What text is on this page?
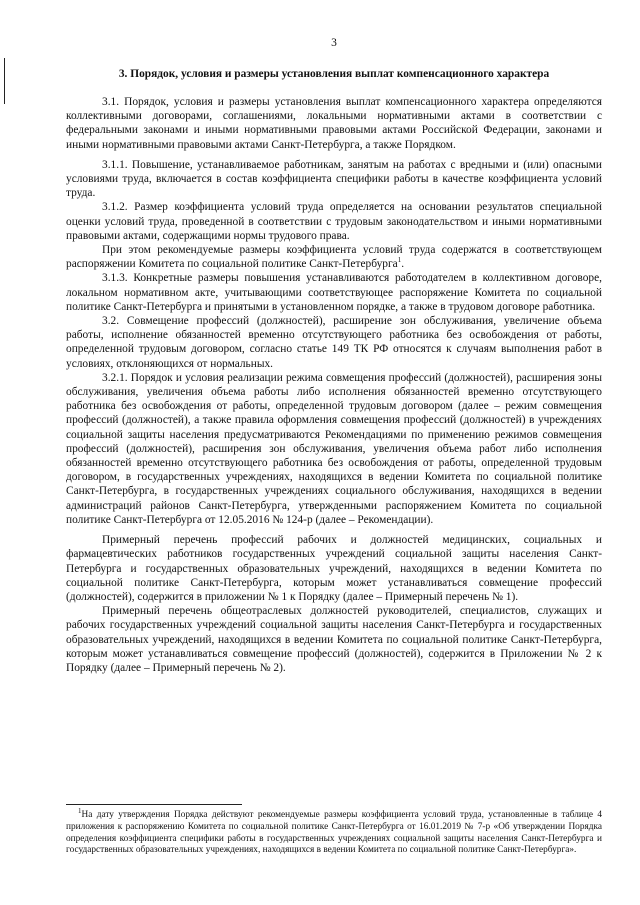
3
3. Порядок, условия и размеры установления выплат компенсационного характера

3.1. Порядок, условия и размеры установления выплат компенсационного характера определяются коллективными договорами, соглашениями, локальными нормативными актами в соответствии с федеральными законами и иными нормативными правовыми актами Российской Федерации, законами и иными нормативными правовыми актами Санкт-Петербурга, а также Порядком.

3.1.1. Повышение, устанавливаемое работникам, занятым на работах с вредными и (или) опасными условиями труда, включается в состав коэффициента специфики работы в качестве коэффициента условий труда.

3.1.2. Размер коэффициента условий труда определяется на основании результатов специальной оценки условий труда, проведенной в соответствии с трудовым законодательством и иными нормативными правовыми актами, содержащими нормы трудового права.

При этом рекомендуемые размеры коэффициента условий труда содержатся в соответствующем распоряжении Комитета по социальной политике Санкт-Петербурга$^1$.

3.1.3. Конкретные размеры повышения устанавливаются работодателем в коллективном договоре, локальном нормативном акте, учитывающими соответствующее распоряжение Комитета по социальной политике Санкт-Петербурга и принятыми в установленном порядке, а также в трудовом договоре работника.

3.2. Совмещение профессий (должностей), расширение зон обслуживания, увеличение объема работы, исполнение обязанностей временно отсутствующего работника без освобождения от работы, определенной трудовым договором, согласно статье 149 ТК РФ относятся к случаям выполнения работ в условиях, отклоняющихся от нормальных.

3.2.1. Порядок и условия реализации режима совмещения профессий (должностей), расширения зоны обслуживания, увеличения объема работы либо исполнения обязанностей временно отсутствующего работника без освобождения от работы, определенной трудовым договором (далее – режим совмещения профессий (должностей), а также правила оформления совмещения профессий (должностей) в учреждениях социальной защиты населения предусматриваются Рекомендациями по применению режимов совмещения профессий (должностей), расширения зон обслуживания, увеличения объема работ либо исполнения обязанностей временно отсутствующего работника без освобождения от работы, определенной трудовым договором, в государственных учреждениях, находящихся в ведении Комитета по социальной политике Санкт-Петербурга, в государственных учреждениях социального обслуживания, находящихся в ведении администраций районов Санкт-Петербурга, утвержденными распоряжением Комитета по социальной политике Санкт-Петербурга от 12.05.2016 № 124-р (далее – Рекомендации).

Примерный перечень профессий рабочих и должностей медицинских, социальных и фармацевтических работников государственных учреждений социальной защиты населения Санкт-Петербурга и государственных образовательных учреждений, находящихся в ведении Комитета по социальной политике Санкт-Петербурга, которым может устанавливаться совмещение профессий (должностей), содержится в приложении № 1 к Порядку (далее – Примерный перечень № 1).

Примерный перечень общеотраслевых должностей руководителей, специалистов, служащих и рабочих государственных учреждений социальной защиты населения Санкт-Петербурга и государственных образовательных учреждений, находящихся в ведении Комитета по социальной политике Санкт-Петербурга, которым может устанавливаться совмещение профессий (должностей), содержится в Приложении № 2 к Порядку (далее – Примерный перечень № 2).

$^1$На дату утверждения Порядка действуют рекомендуемые размеры коэффициента условий труда, установленные в таблице 4 приложения к распоряжению Комитета по социальной политике Санкт-Петербурга от 16.01.2019 № 7-р «Об утверждении Порядка определения коэффициента специфики работы в государственных учреждениях социальной защиты населения Санкт-Петербурга и государственных образовательных учреждениях, находящихся в ведении Комитета по социальной политике Санкт-Петербурга».
